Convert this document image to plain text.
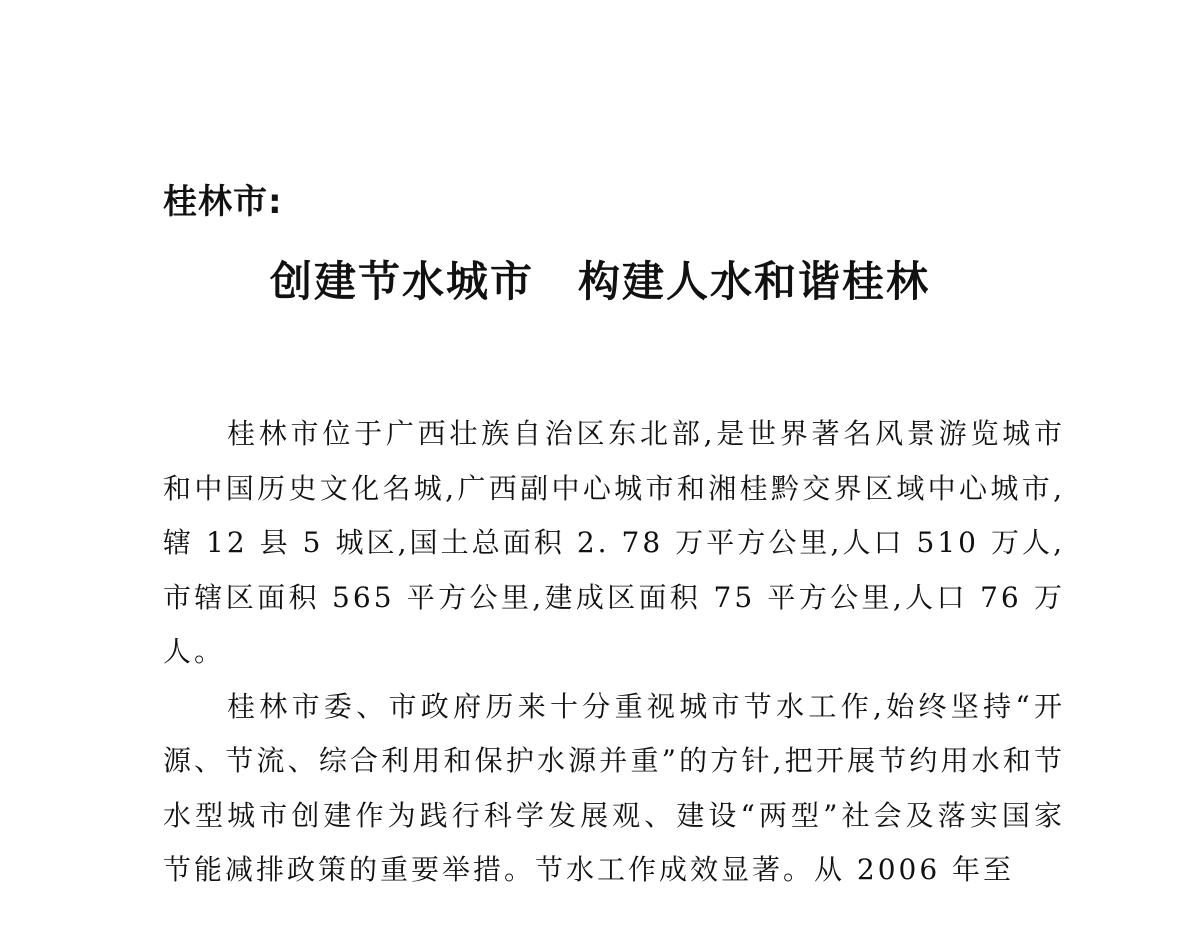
桂林市:
创建节水城市 构建人水和谐桂林

桂林市位于广西壮族自治区东北部,是世界著名风景游览城市和中国历史文化名城,广西副中心城市和湘桂黔交界区域中心城市,辖 12 县 5 城区,国土总面积 2. 78 万平方公里,人口 510 万人,市辖区面积 565 平方公里,建成区面积 75 平方公里,人口 76 万人。

桂林市委、市政府历来十分重视城市节水工作,始终坚持“开源、节流、综合利用和保护水源并重”的方针,把开展节约用水和节水型城市创建作为践行科学发展观、建设“两型”社会及落实国家节能减排政策的重要举措。节水工作成效显著。从 2006 年至
